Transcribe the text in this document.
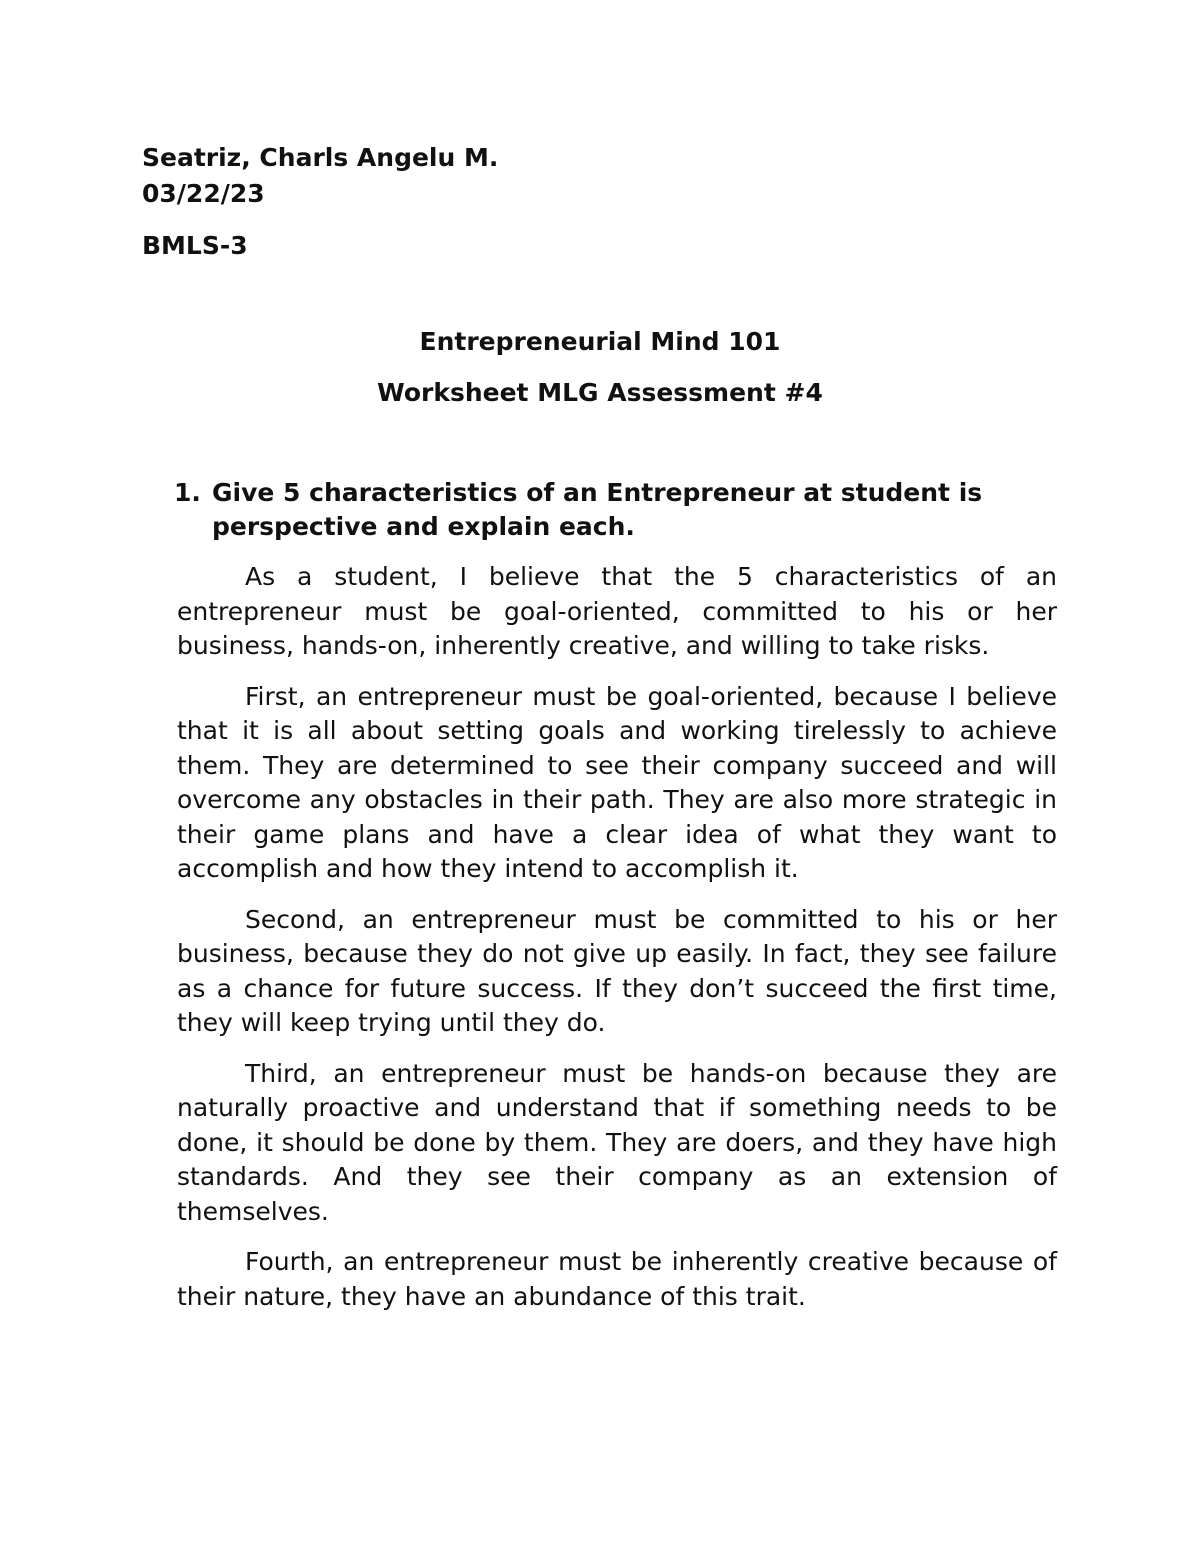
Seatriz, Charls Angelu M.
03/22/23
BMLS-3
Entrepreneurial Mind 101
Worksheet MLG Assessment #4
1. Give 5 characteristics of an Entrepreneur at student is perspective and explain each.

As a student, I believe that the 5 characteristics of an entrepreneur must be goal-oriented, committed to his or her business, hands-on, inherently creative, and willing to take risks.

First, an entrepreneur must be goal-oriented, because I believe that it is all about setting goals and working tirelessly to achieve them. They are determined to see their company succeed and will overcome any obstacles in their path. They are also more strategic in their game plans and have a clear idea of what they want to accomplish and how they intend to accomplish it.

Second, an entrepreneur must be committed to his or her business, because they do not give up easily. In fact, they see failure as a chance for future success. If they don’t succeed the first time, they will keep trying until they do.

Third, an entrepreneur must be hands-on because they are naturally proactive and understand that if something needs to be done, it should be done by them. They are doers, and they have high standards. And they see their company as an extension of themselves.

Fourth, an entrepreneur must be inherently creative because of their nature, they have an abundance of this trait.
